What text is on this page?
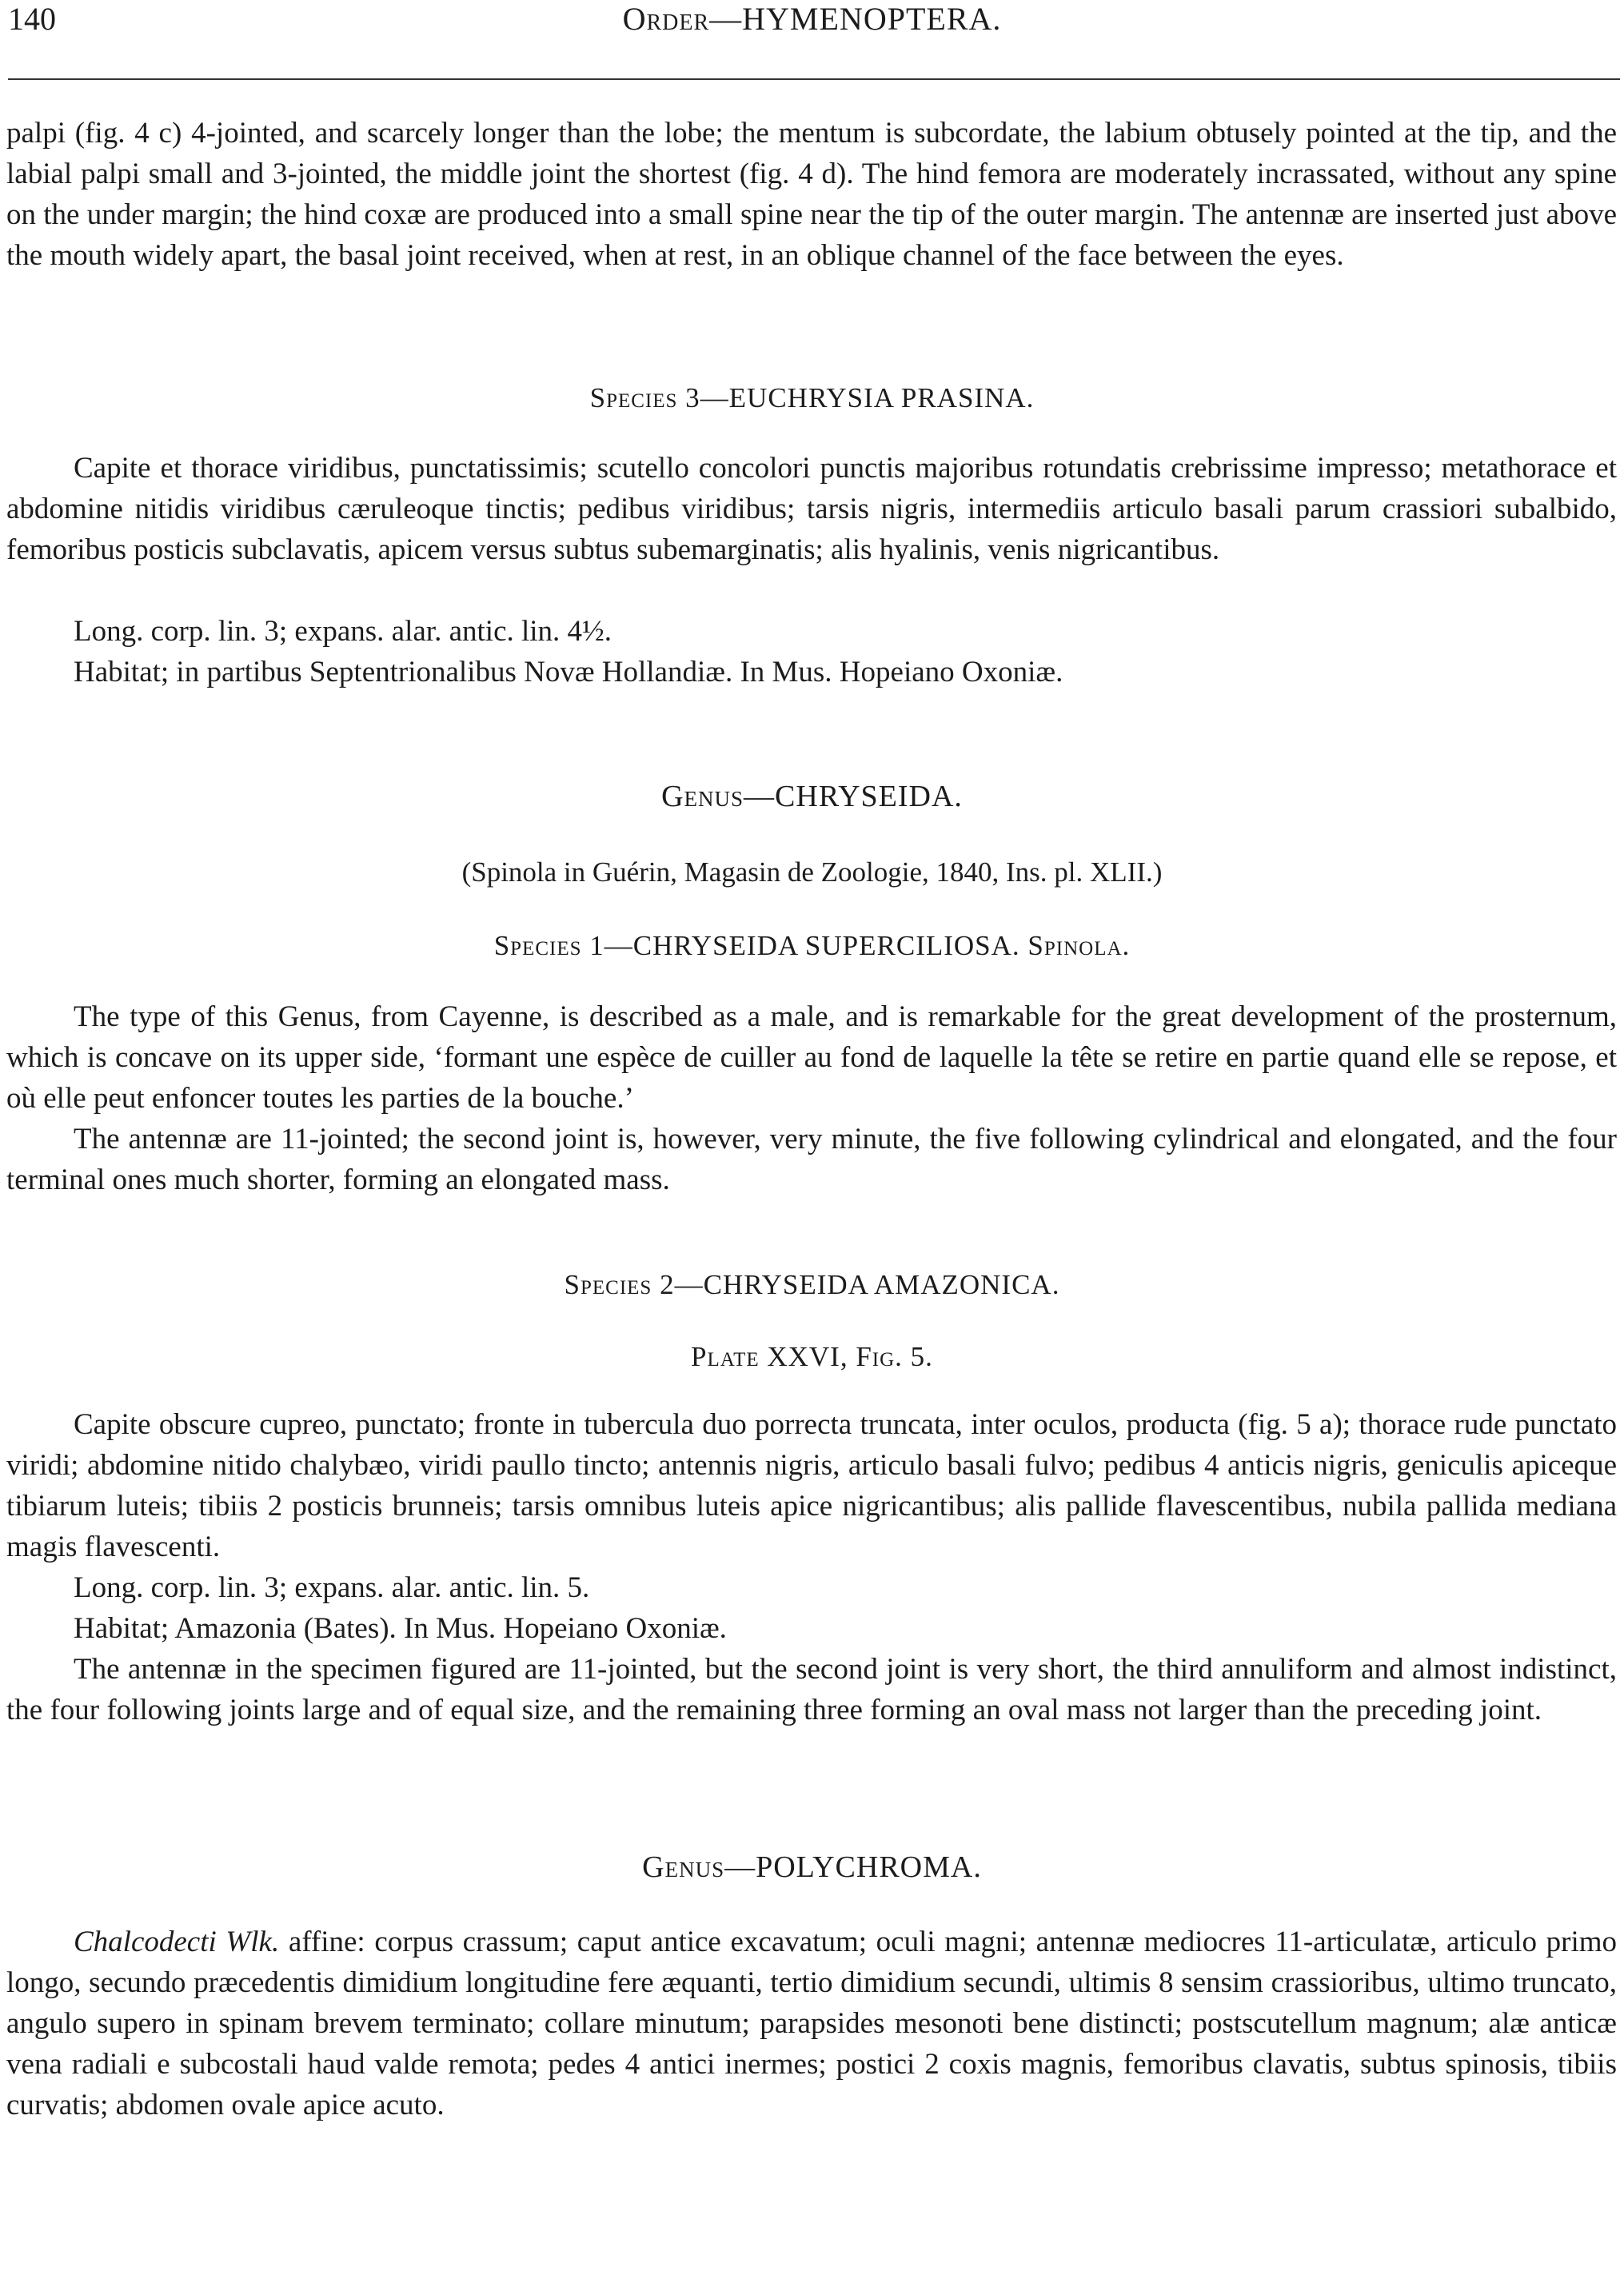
140	Order—HYMENOPTERA.

palpi (fig. 4 c) 4-jointed, and scarcely longer than the lobe; the mentum is subcordate, the labium obtusely pointed at the tip, and the labial palpi small and 3-jointed, the middle joint the shortest (fig. 4 d). The hind femora are moderately incrassated, without any spine on the under margin; the hind coxæ are produced into a small spine near the tip of the outer margin. The antennæ are inserted just above the mouth widely apart, the basal joint received, when at rest, in an oblique channel of the face between the eyes.

Species 3—EUCHRYSIA PRASINA.

Capite et thorace viridibus, punctatissimis; scutello concolori punctis majoribus rotundatis crebrissime impresso; metathorace et abdomine nitidis viridibus cæruleoque tinctis; pedibus viridibus; tarsis nigris, intermediis articulo basali parum crassiori subalbido, femoribus posticis subclavatis, apicem versus subtus subemarginatis; alis hyalinis, venis nigricantibus.

Long. corp. lin. 3; expans. alar. antic. lin. 4½.

Habitat; in partibus Septentrionalibus Novæ Hollandiæ. In Mus. Hopeiano Oxoniæ.

Genus—CHRYSEIDA.

(Spinola in Guérin, Magasin de Zoologie, 1840, Ins. pl. XLII.)

Species 1—CHRYSEIDA SUPERCILIOSA. Spinola.

The type of this Genus, from Cayenne, is described as a male, and is remarkable for the great development of the prosternum, which is concave on its upper side, ‘formant une espèce de cuiller au fond de laquelle la tête se retire en partie quand elle se repose, et où elle peut enfoncer toutes les parties de la bouche.’

The antennæ are 11-jointed; the second joint is, however, very minute, the five following cylindrical and elongated, and the four terminal ones much shorter, forming an elongated mass.

Species 2—CHRYSEIDA AMAZONICA.

Plate XXVI, Fig. 5.

Capite obscure cupreo, punctato; fronte in tubercula duo porrecta truncata, inter oculos, producta (fig. 5 a); thorace rude punctato viridi; abdomine nitido chalybæo, viridi paullo tincto; antennis nigris, articulo basali fulvo; pedibus 4 anticis nigris, geniculis apiceque tibiarum luteis; tibiis 2 posticis brunneis; tarsis omnibus luteis apice nigricantibus; alis pallide flavescentibus, nubila pallida mediana magis flavescenti.

Long. corp. lin. 3; expans. alar. antic. lin. 5.

Habitat; Amazonia (Bates). In Mus. Hopeiano Oxoniæ.

The antennæ in the specimen figured are 11-jointed, but the second joint is very short, the third annuliform and almost indistinct, the four following joints large and of equal size, and the remaining three forming an oval mass not larger than the preceding joint.

Genus—POLYCHROMA.

Chalcodecti Wlk. affine: corpus crassum; caput antice excavatum; oculi magni; antennæ mediocres 11-articulatæ, articulo primo longo, secundo præcedentis dimidium longitudine fere æquanti, tertio dimidium secundi, ultimis 8 sensim crassioribus, ultimo truncato, angulo supero in spinam brevem terminato; collare minutum; parapsides mesonoti bene distincti; postscutellum magnum; alæ anticæ vena radiali e subcostali haud valde remota; pedes 4 antici inermes; postici 2 coxis magnis, femoribus clavatis, subtus spinosis, tibiis curvatis; abdomen ovale apice acuto.
